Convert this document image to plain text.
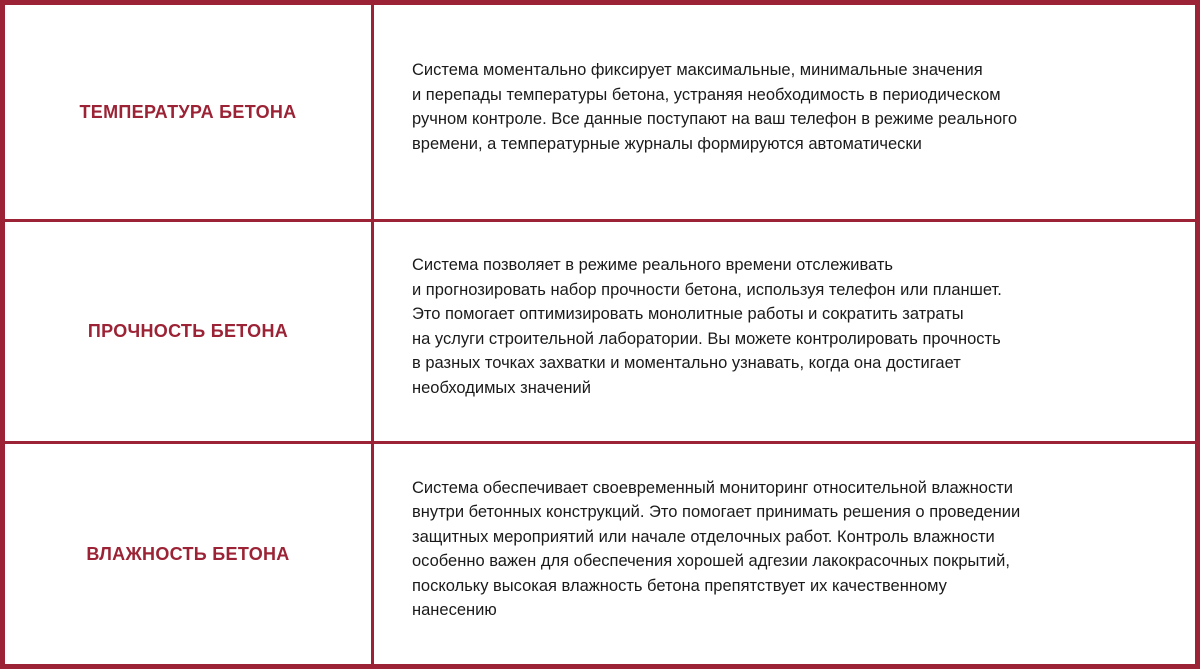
ТЕМПЕРАТУРА БЕТОНА
Система моментально фиксирует максимальные, минимальные значения
и перепады температуры бетона, устраняя необходимость в периодическом
ручном контроле. Все данные поступают на ваш телефон в режиме реального
времени, а температурные журналы формируются автоматически
ПРОЧНОСТЬ БЕТОНА
Система позволяет в режиме реального времени отслеживать
и прогнозировать набор прочности бетона, используя телефон или планшет.
Это помогает оптимизировать монолитные работы и сократить затраты
на услуги строительной лаборатории. Вы можете контролировать прочность
в разных точках захватки и моментально узнавать, когда она достигает
необходимых значений
ВЛАЖНОСТЬ БЕТОНА
Система обеспечивает своевременный мониторинг относительной влажности
внутри бетонных конструкций. Это помогает принимать решения о проведении
защитных мероприятий или начале отделочных работ. Контроль влажности
особенно важен для обеспечения хорошей адгезии лакокрасочных покрытий,
поскольку высокая влажность бетона препятствует их качественному
нанесению
